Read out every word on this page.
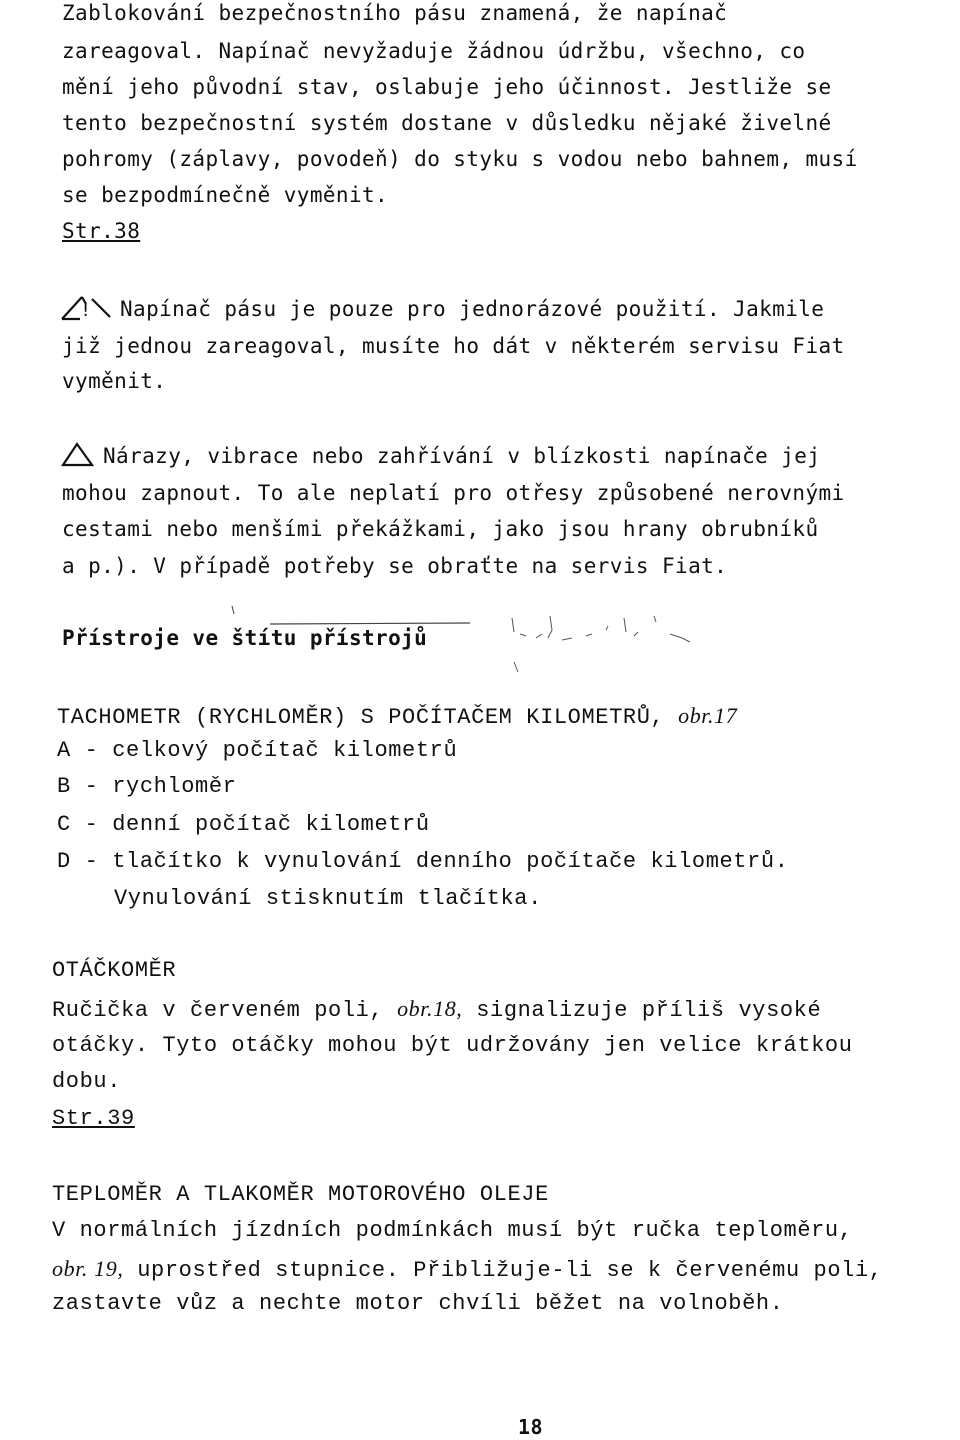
Zablokování bezpečnostního pásu znamená, že napínač
zareagoval. Napínač nevyžaduje žádnou údržbu, všechno, co
mění jeho původní stav, oslabuje jeho účinnost. Jestliže se
tento bezpečnostní systém dostane v důsledku nějaké živelné
pohromy (záplavy, povodeň) do styku s vodou nebo bahnem, musí
se bezpodmínečně vyměnit.
Str.38
! Napínač pásu je pouze pro jednorázové použití. Jakmile
již jednou zareagoval, musíte ho dát v některém servisu Fiat
vyměnit.
Nárazy, vibrace nebo zahřívání v blízkosti napínače jej
mohou zapnout. To ale neplatí pro otřesy způsobené nerovnými
cestami nebo menšími překážkami, jako jsou hrany obrubníků
a p.). V případě potřeby se obraťte na servis Fiat.
Přístroje ve štítu přístrojů
TACHOMETR (RYCHLOMĚR) S POČÍTAČEM KILOMETRŮ, obr.17
A - celkový počítač kilometrů
B - rychloměr
C - denní počítač kilometrů
D - tlačítko k vynulování denního počítače kilometrů.
Vynulování stisknutím tlačítka.
OTÁČKOMĚR
Ručička v červeném poli, obr.18, signalizuje příliš vysoké
otáčky. Tyto otáčky mohou být udržovány jen velice krátkou
dobu.
Str.39
TEPLOMĚR A TLAKOMĚR MOTOROVÉHO OLEJE
V normálních jízdních podmínkách musí být ručka teploměru,
obr. 19, uprostřed stupnice. Přibližuje-li se k červenému poli,
zastavte vůz a nechte motor chvíli běžet na volnoběh.
18
